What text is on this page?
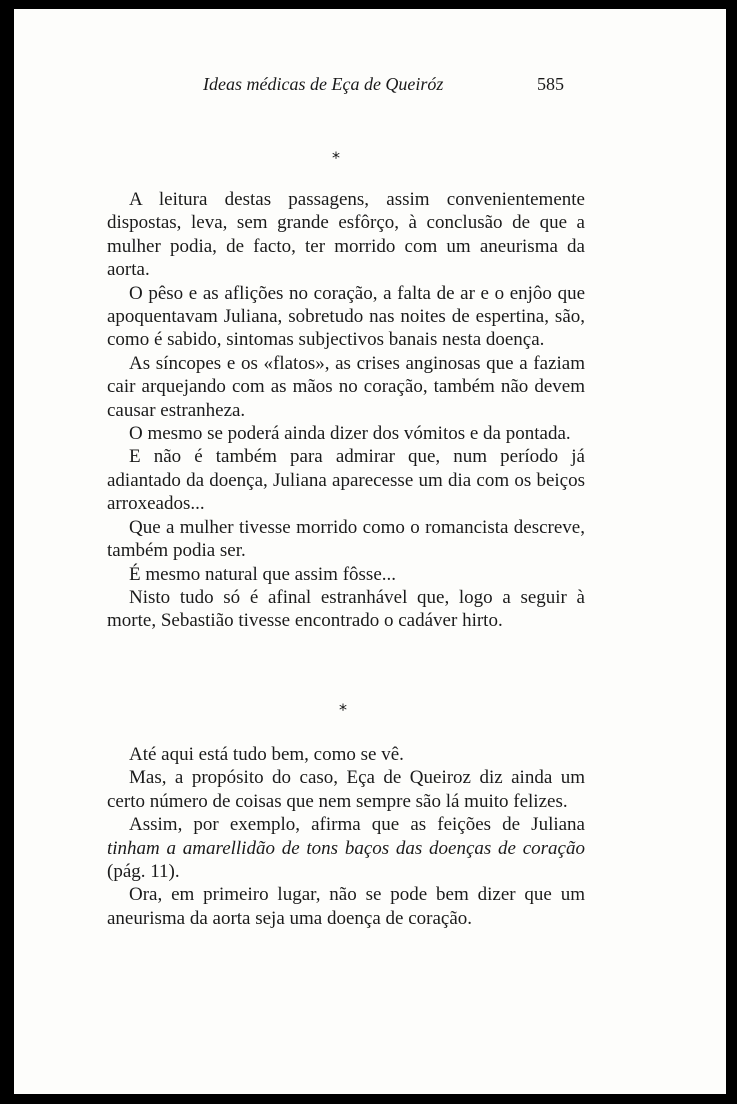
Ideas médicas de Eça de Queiróz	585
*

A leitura destas passagens, assim convenientemente dispostas, leva, sem grande esfôrço, à conclusão de que a mulher podia, de facto, ter morrido com um aneurisma da aorta.

O pêso e as aflições no coração, a falta de ar e o enjôo que apoquentavam Juliana, sobretudo nas noites de espertina, são, como é sabido, sintomas subjectivos banais nesta doença.

As síncopes e os «flatos», as crises anginosas que a faziam cair arquejando com as mãos no coração, também não devem causar estranheza.

O mesmo se poderá ainda dizer dos vómitos e da pontada.

E não é também para admirar que, num período já adiantado da doença, Juliana aparecesse um dia com os beiços arroxeados...

Que a mulher tivesse morrido como o romancista descreve, também podia ser.

É mesmo natural que assim fôsse...

Nisto tudo só é afinal estranhável que, logo a seguir à morte, Sebastião tivesse encontrado o cadáver hirto.

*

Até aqui está tudo bem, como se vê.

Mas, a propósito do caso, Eça de Queiroz diz ainda um certo número de coisas que nem sempre são lá muito felizes.

Assim, por exemplo, afirma que as feições de Juliana tinham a amarellidão de tons baços das doenças de coração (pág. 11).

Ora, em primeiro lugar, não se pode bem dizer que um aneurisma da aorta seja uma doença de coração.
